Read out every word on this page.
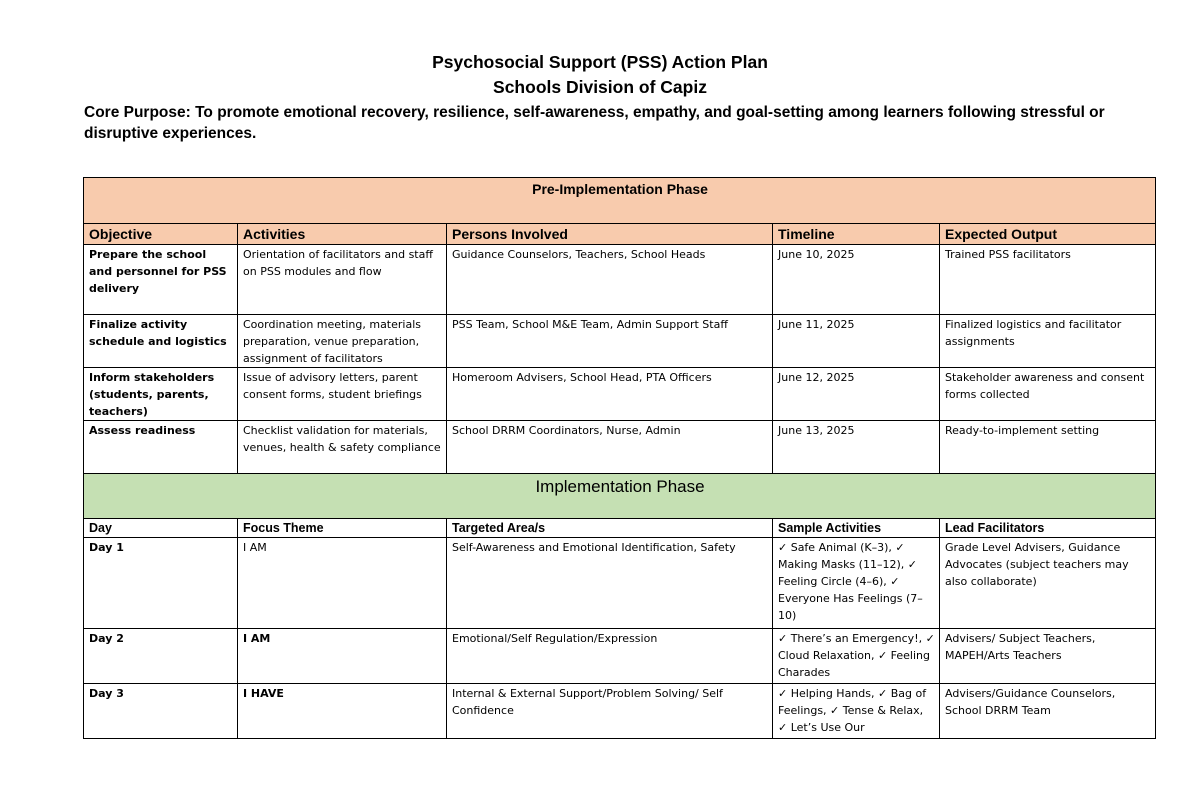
Psychosocial Support (PSS) Action Plan
Schools Division of Capiz
Core Purpose: To promote emotional recovery, resilience, self-awareness, empathy, and goal-setting among learners following stressful or disruptive experiences.
Pre-Implementation Phase				
Objective	Activities	Persons Involved	Timeline	Expected Output
Prepare the school and personnel for PSS delivery	Orientation of facilitators and staff on PSS modules and flow	Guidance Counselors, Teachers, School Heads	June 10, 2025	Trained PSS facilitators
Finalize activity schedule and logistics	Coordination meeting, materials preparation, venue preparation, assignment of facilitators	PSS Team, School M&E Team, Admin Support Staff	June 11, 2025	Finalized logistics and facilitator assignments
Inform stakeholders (students, parents, teachers)	Issue of advisory letters, parent consent forms, student briefings	Homeroom Advisers, School Head, PTA Officers	June 12, 2025	Stakeholder awareness and consent forms collected
Assess readiness	Checklist validation for materials, venues, health & safety compliance	School DRRM Coordinators, Nurse, Admin	June 13, 2025	Ready-to-implement setting
Implementation Phase				
Day	Focus Theme	Targeted Area/s	Sample Activities	Lead Facilitators
Day 1	I AM	Self-Awareness and Emotional Identification, Safety	✓ Safe Animal (K–3), ✓ Making Masks (11–12), ✓ Feeling Circle (4–6), ✓ Everyone Has Feelings (7–10)	Grade Level Advisers, Guidance Advocates (subject teachers may also collaborate)
Day 2	I AM	Emotional/Self Regulation/Expression	✓ There’s an Emergency!, ✓ Cloud Relaxation, ✓ Feeling Charades	Advisers/ Subject Teachers, MAPEH/Arts Teachers
Day 3	I HAVE	Internal & External Support/Problem Solving/ Self Confidence	✓ Helping Hands, ✓ Bag of Feelings, ✓ Tense & Relax, ✓ Let’s Use Our	Advisers/Guidance Counselors, School DRRM Team
